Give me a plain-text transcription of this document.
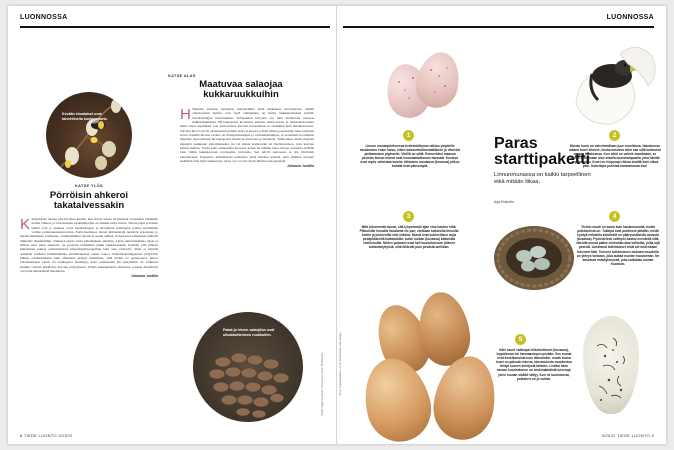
LUONNOSSA
Kevään kimalaiset ovat talvehtineita kuningattaria.
KATSE YLÖS
Pörröisin ahkeroi takatalvessakin

K Kimalaisen matala pörrötä alkaa kuulua, kun nollan asteen yltymisestä on kulunut vähintään kolme viikkoa ja vuorokauden keskilämpötila on ainakin neljä astetta. Silloin pajut ja lesken lehdet ovat jo ehtineet avata mesikeitaansa ja talvehtinut kuningatar pääsee keräämään voimia pesänrakennustavarten. Etelä-Suomessa monet kimalaislajit heräävät koloistaan jo maalis-huhtikuun vaihteessa, verkkaisimmat odottavat kesän alkuun. Pohjoisessa kimalaiset lähtevät liikkeelle myöhemmin, Tunturi-Lapissa vasta juhannuksen aikoihin. Lapin tunturiturkkisia lajeja ei haittaa edes pieni takatalvi, ne pystyvät lentämään pikku pakkasessakin. Kylmän ylin jälkeen kimalainen kohtaa samankaltaisia käynnistymisongelmia kuin auto talvisella. Siksi se käyttää aamuisin lorikella lämmittämään lentolihaksiaan ennen lentoa. Kimalaiskuningattaret pölyttävät kukkia tehokkaammin kuin alkaneina pidetyt mehiläiset, sillä niiden on perustettava tuleva yhteiskuntansa yksin. Jos kuningatar menehtyy, koko yhteiskunta jää syntymättä. Se vaikuttaa etenkin varhain kukkivien kasvien pölytykseen. Yhden kuningattaren ahkeruus voidaan merkittävä osa parin ämpärillistä mustikoita.

Johanna Junttila
KATSE ALAS
Maatuvaa salaojaa kukkaruukkuihin

H Hankien sulaessa kannattaa metsäretkillä pitää mukanaan muovikassia, mikäli viherkasvien multaa ovat vielä vaihtamatta tai kesän ruukkuistutukset käsillä. Kevätauringon kuivattamista havupuiden kävyistä saa mitä mainiointa salaojaa kukkaruukkuihin. Hirvenpapanat koostuvat pääosin selluloosasta ja hemiselluloosasta mutta myös ligniinistä, jota puuvartisten kasvien soluseinissä on enemmän kuin heinäkasveissa. Talvisin hirvet syövät yksinomaan puiden oksia ja kuoria, jolloin niiden papanoiden tulee erityisen kovia. Kesällä hirvien ravinto on monipuolisempaa ja ravinteikkaampaa, ja ulosteiden koostumus muuttuu. Ajan mittaan hirvenpapanat maatuvat muotonsa ja maatuvat. Tämä tekee niistä erityisen näppäriä ruukkujen salaojitukseksi, ne voi kipata kompostiin tai biojätteastiaan, jotta kasvien kanssa mullan. Tossin kuin esimerkiksi hevosen, kanan tai lehmän lanta, hirven ulosteista sisältää vain vähän kukkakasvien tarvitsemia ravinteita. Sen käyttö kuivuessa ei siis riittävästi lannoitteeksi. Papanoita käsiteltäessä kannattaa pitää hanskat käsissä, sillä eläinten ulosteet sisältävät aina myös bakteereja, joista osa voi olla myös ihmisen patogeenisiä.

Johanna Junttila
Pakat ja hirven salaojitus ovat ulkokäsitteineen ruukkuihin.
Tekstit: Seppo Suominen, Juha Mauno. Kuvat: Shutterstock.
8 TIEDE LUONTO 3/2022
LUONNOSSA
Lähde: Ympäristökeskus. Kuvat: Shutterstock, Getty Images.
1
Linnun munanpiirtimessa hedelmöittymen alkion ympärille muodostuu ensin kalvo, sitten kalsiumkarbonaattikuori ja viimeksi pinttaamisen pigmentti. Värillä on väliä. Esimerkiksi maassa pesivän kiurun munat ovat huomaamattoman harmaat. Kuvissa ovat myös vahvistaa kuorta: tähtaisen muniassa (kuvassa) pilkun kohdat ovat paksumpia.
Paras starttipaketti
Linnunmunassa on kaikki tarpeellinen eikä mitään liikaa.
Arja Kivipelto
2
Munan kuori on vahvimmillaan juuri munittuna. Haudonnan aikana kuori ohenee, koska kasvava sikiö saa siitä kalsiumia omaan luustoonsa. Kun sikiö on valmis maailmaan, se lähtee nokkimaan ulos omalla munahampaalla, joka häviää myöhemmin. Kuori on helpompi rikkoa sisältä kuin ulkoa päin. Kokeilepa puristaa kananmunaa itse!
3
Mitä pienemmät munat, sitä lyhyemmän ajan emo hautoo niitä. Pikkuisilla linnuilla haudonta vie pari, varikaan kokoisilla linnuilla kolme ja joutsenilla viisi viikkoa. Munat ovat suhteellisen isoja pesäpiikkisillä kottaraisilla, kuten kuikan (kuvassa) kaltaisilla vesilinnuilla. Niiden poikaset ovat heti kuoriutumisen jälkeen toimintakykyisiä, sillä lähtevät pian pesästä omillaan.
4
Yleisin muoti on sama kuin kananmunalla, mutta poikkeuksia on. Tukkijat ovat pohtineet pitkään, mistä hyötyä erilaisilla kehäisillä on päärysmäisistä munista (kuvassa). Pyöristelevä selittyisi osaksi enentellä sillä, etteivät munat pääse vierimään alas kallioilta, joilla lajit pesivät. Uusimmat tutkimukset eivät ole kuitenkaan tukeneet tätä. Tuoreen tutkimuksen mukaan muodolla on yhteys tuhkaan, joka auttaa munien haudonnan. Ne kasvavat rintakyhmyssä, joka vaikuttaa munan muotoon.
5
Käki munii vaikkapa lehtokerttusen (kuvassa), leppälinnun tai harmaasiepon pesään. Sen munat ovat keskikokoisia kuin isännänkin, mutta koska kuori on paksuin tukeva, käenmunista muodostuu tiettyä kuoren kehitystä tallaten. Lisäksi käen munan kuorirakenne on keskimääräistä kovempi, joten munan sisältö säilyy. Kun ne kuoriutuvat, poikanen on jo valmis.
3/2022 TIEDE LUONTO 9
